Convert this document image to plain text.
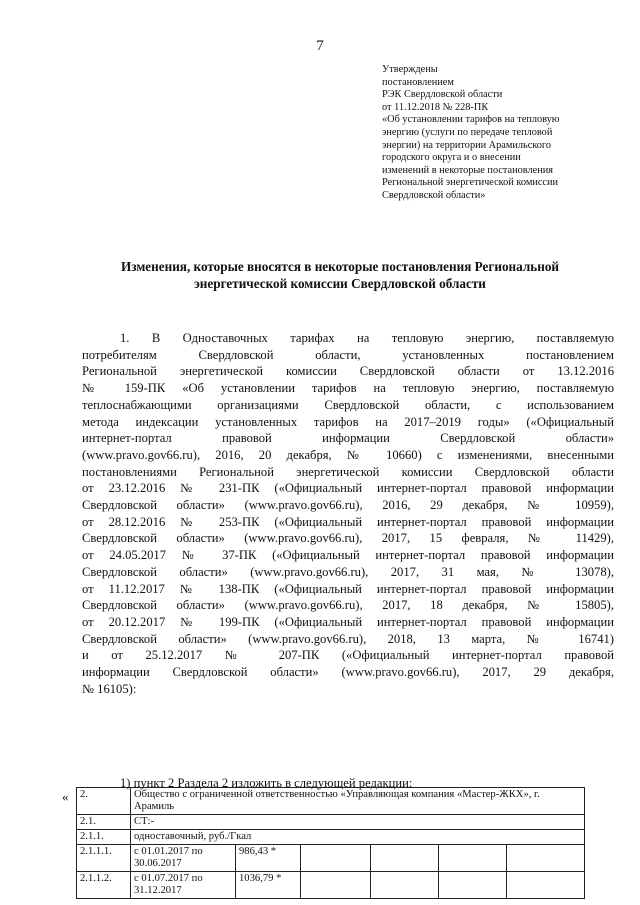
7
Утверждены
постановлением
РЭК Свердловской области
от 11.12.2018 № 228-ПК
«Об установлении тарифов на тепловую
энергию (услуги по передаче тепловой
энергии) на территории Арамильского
городского округа и о внесении
изменений в некоторые постановления
Региональной энергетической комиссии
Свердловской области»
Изменения, которые вносятся в некоторые постановления Региональной
энергетической комиссии Свердловской области
1. В Одноставочных тарифах на тепловую энергию, поставляемую
потребителям Свердловской области, установленных постановлением
Региональной энергетической комиссии Свердловской области от 13.12.2016
№ 159-ПК «Об установлении тарифов на тепловую энергию, поставляемую
теплоснабжающими организациями Свердловской области, с использованием
метода индексации установленных тарифов на 2017–2019 годы» («Официальный
интернет-портал правовой информации Свердловской области»
(www.pravo.gov66.ru), 2016, 20 декабря, № 10660) с изменениями, внесенными
постановлениями Региональной энергетической комиссии Свердловской области
от 23.12.2016 № 231-ПК («Официальный интернет-портал правовой информации
Свердловской области» (www.pravo.gov66.ru), 2016, 29 декабря, № 10959),
от 28.12.2016 № 253-ПК («Официальный интернет-портал правовой информации
Свердловской области» (www.pravo.gov66.ru), 2017, 15 февраля, № 11429),
от 24.05.2017 № 37-ПК («Официальный интернет-портал правовой информации
Свердловской области» (www.pravo.gov66.ru), 2017, 31 мая, № 13078),
от 11.12.2017 № 138-ПК («Официальный интернет-портал правовой информации
Свердловской области» (www.pravo.gov66.ru), 2017, 18 декабря, № 15805),
от 20.12.2017 № 199-ПК («Официальный интернет-портал правовой информации
Свердловской области» (www.pravo.gov66.ru), 2018, 13 марта, № 16741)
и от 25.12.2017 № 207-ПК («Официальный интернет-портал правовой
информации Свердловской области» (www.pravo.gov66.ru), 2017, 29 декабря,
№ 16105):
1) пункт 2 Раздела 2 изложить в следующей редакции:
« 2.	Общество с ограниченной ответственностью «Управляющая компания «Мастер-ЖКХ», г. Арамиль					
2.1.	СТ:-					
2.1.1.	одноставочный, руб./Гкал					
2.1.1.1.	с 01.01.2017 по 30.06.2017	986,43 *				
2.1.1.2.	с 01.07.2017 по 31.12.2017	1036,79 *				
